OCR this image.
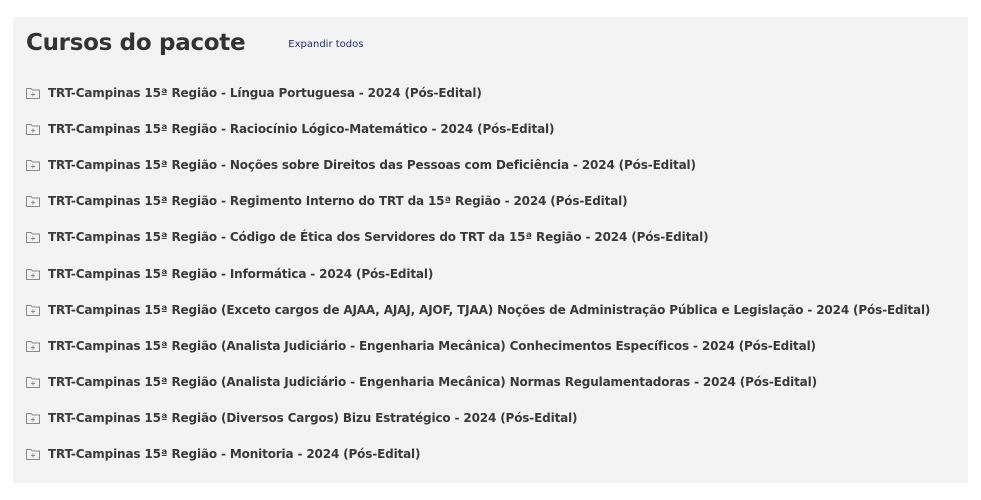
Cursos do pacote	Expandir todos
TRT-Campinas 15ª Região - Língua Portuguesa - 2024 (Pós-Edital)
TRT-Campinas 15ª Região - Raciocínio Lógico-Matemático - 2024 (Pós-Edital)
TRT-Campinas 15ª Região - Noções sobre Direitos das Pessoas com Deficiência - 2024 (Pós-Edital)
TRT-Campinas 15ª Região - Regimento Interno do TRT da 15ª Região - 2024 (Pós-Edital)
TRT-Campinas 15ª Região - Código de Ética dos Servidores do TRT da 15ª Região - 2024 (Pós-Edital)
TRT-Campinas 15ª Região - Informática - 2024 (Pós-Edital)
TRT-Campinas 15ª Região (Exceto cargos de AJAA, AJAJ, AJOF, TJAA) Noções de Administração Pública e Legislação - 2024 (Pós-Edital)
TRT-Campinas 15ª Região (Analista Judiciário - Engenharia Mecânica) Conhecimentos Específicos - 2024 (Pós-Edital)
TRT-Campinas 15ª Região (Analista Judiciário - Engenharia Mecânica) Normas Regulamentadoras - 2024 (Pós-Edital)
TRT-Campinas 15ª Região (Diversos Cargos) Bizu Estratégico - 2024 (Pós-Edital)
TRT-Campinas 15ª Região - Monitoria - 2024 (Pós-Edital)
